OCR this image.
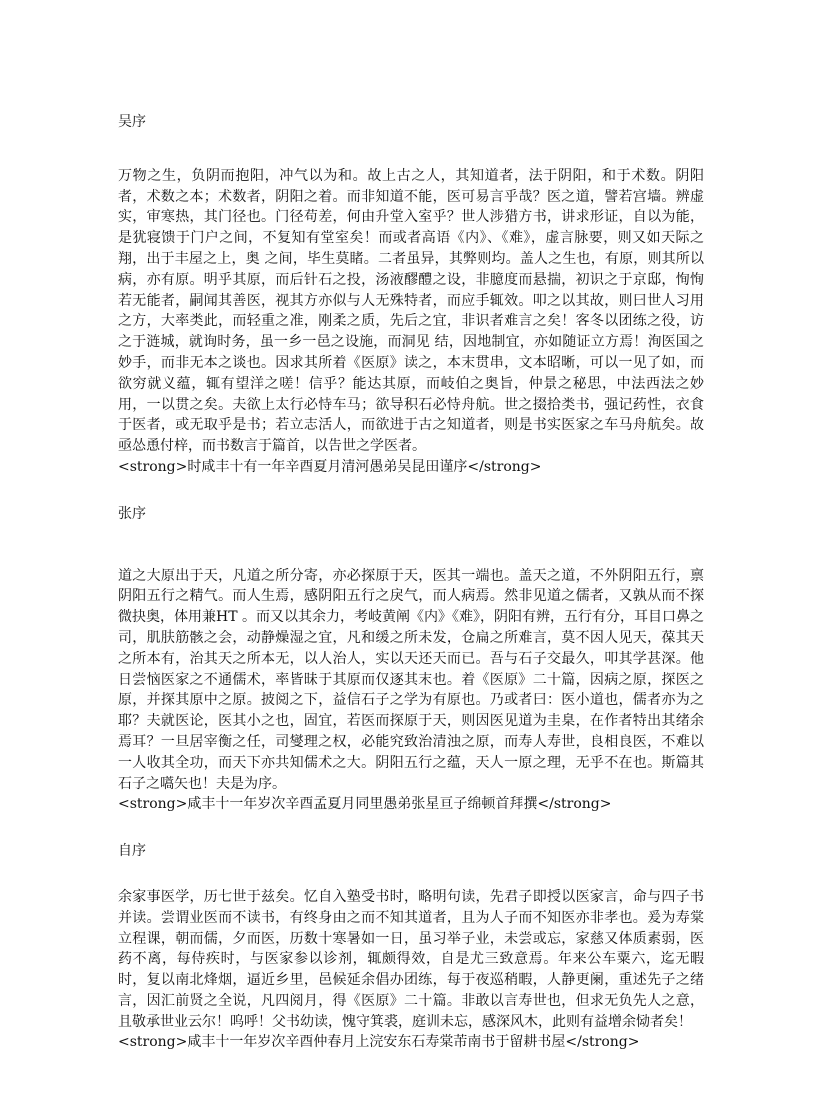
吴序

万物之生，负阴而抱阳，冲气以为和。故上古之人，其知道者，法于阴阳，和于术数。阴阳者，术数之本；术数者，阴阳之着。而非知道不能，医可易言乎哉？医之道，譬若宫墙。辨虚实，审寒热，其门径也。门径苟差，何由升堂入室乎？世人涉猎方书，讲求形证，自以为能，是犹寝馈于门户之间，不复知有堂室矣！而或者高语《内》、《难》，虚言脉要，则又如天际之翔，出于丰屋之上，奥 之间，毕生莫睹。二者虽异，其弊则均。盖人之生也，有原，则其所以病，亦有原。明乎其原，而后针石之投，汤液醪醴之设，非臆度而悬揣，初识之于京邸，恂恂若无能者，嗣闻其善医，视其方亦似与人无殊特者，而应手辄效。叩之以其故，则曰世人习用之方，大率类此，而轻重之准，刚柔之质，先后之宜，非识者难言之矣！客冬以团练之役，访之于涟城，就询时务，虽一乡一邑之设施，而洞见 结，因地制宜，亦如随证立方焉！洵医国之妙手，而非无本之谈也。因求其所着《医原》读之，本末贯串，文本昭晰，可以一见了如，而欲穷就义蕴，辄有望洋之嗟！信乎？能达其原，而岐伯之奥旨，仲景之秘思，中法西法之妙用，一以贯之矣。夫欲上太行必恃车马；欲导积石必恃舟航。世之掇拾类书，强记药性，衣食于医者，或无取乎是书；若立志活人，而欲进于古之知道者，则是书实医家之车马舟航矣。故亟怂恿付梓，而书数言于篇首，以告世之学医者。

<strong>时咸丰十有一年辛酉夏月清河愚弟吴昆田谨序</strong>

张序

道之大原出于天，凡道之所分寄，亦必探原于天，医其一端也。盖天之道，不外阴阳五行，禀阴阳五行之精气。而人生焉，感阴阳五行之戾气，而人病焉。然非见道之儒者，又孰从而不探微抉奥，体用兼HT 。而又以其余力，考岐黄阐《内》《难》，阴阳有辨，五行有分，耳目口鼻之司，肌肤筋骸之会，动静燥湿之宜，凡和缓之所未发，仓扁之所难言，莫不因人见天，葆其天之所本有，治其天之所本无，以人治人，实以天还天而已。吾与石子交最久，叩其学甚深。他日尝恼医家之不通儒术，率皆昧于其原而仅逐其末也。着《医原》二十篇，因病之原，探医之原，并探其原中之原。披阅之下，益信石子之学为有原也。乃或者曰：医小道也，儒者亦为之耶？夫就医论，医其小之也，固宜，若医而探原于天，则因医见道为圭臬，在作者特出其绪余焉耳？一旦居宰衡之任，司燮理之权，必能究致治清浊之原，而寿人寿世，良相良医，不难以一人收其全功，而天下亦共知儒术之大。阴阳五行之蕴，天人一原之理，无乎不在也。斯篇其石子之嚆矢也！夫是为序。

<strong>咸丰十一年岁次辛酉孟夏月同里愚弟张星亘子绵顿首拜撰</strong>

自序

余家事医学，历七世于兹矣。忆自入塾受书时，略明句读，先君子即授以医家言，命与四子书并读。尝谓业医而不读书，有终身由之而不知其道者，且为人子而不知医亦非孝也。爰为寿棠立程课，朝而儒，夕而医，历数十寒暑如一日，虽习举子业，未尝或忘，家慈又体质素弱，医药不离，每侍疾时，与医家参以诊剂，辄颇得效，自是尤三致意焉。年来公车粟六，迄无暇时，复以南北烽烟，逼近乡里，邑候延余倡办团练，每于夜巡稍暇，人静更阑，重述先子之绪言，因汇前贤之全说，凡四阅月，得《医原》二十篇。非敢以言寿世也，但求无负先人之意，且敬承世业云尔！呜呼！父书幼读，愧守箕裘，庭训未忘，感深风木，此则有益增余恸者矣！

<strong>咸丰十一年岁次辛酉仲春月上浣安东石寿棠芾南书于留耕书屋</strong>
